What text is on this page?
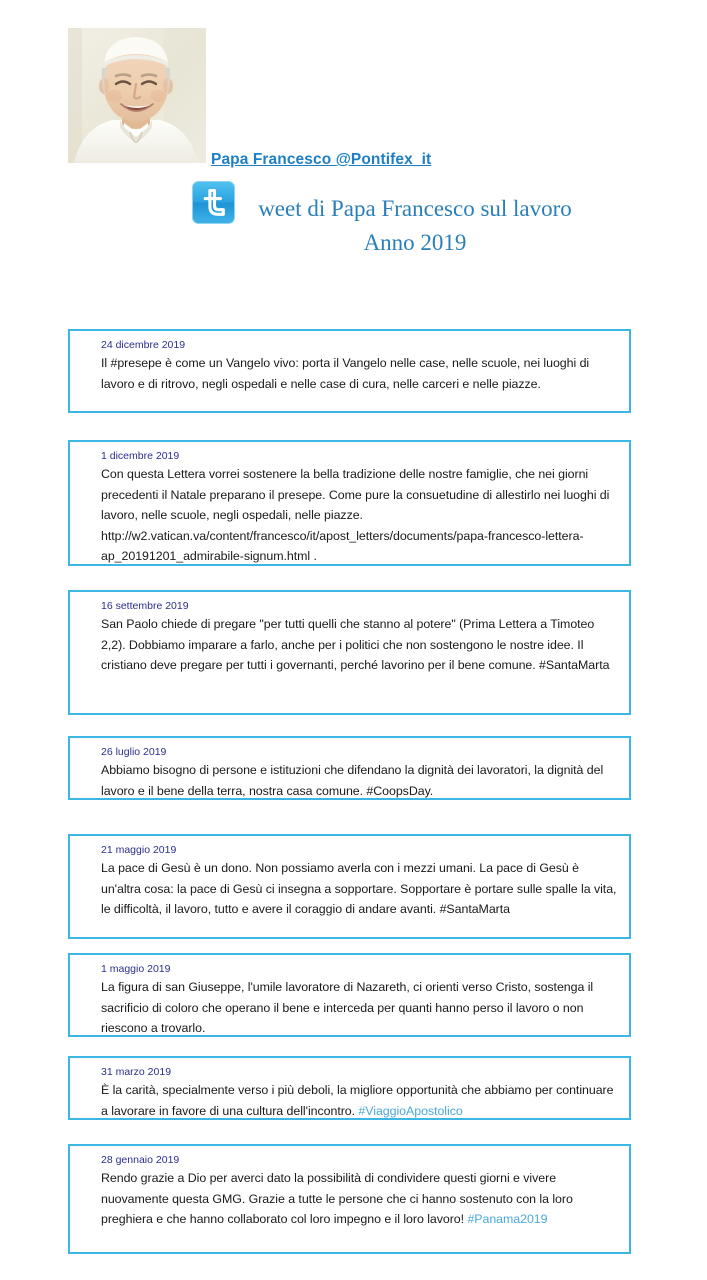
Papa Francesco @Pontifex_it
weet di Papa Francesco sul lavoro
Anno 2019
24 dicembre 2019
Il #presepe è come un Vangelo vivo: porta il Vangelo nelle case, nelle scuole, nei luoghi di lavoro e di ritrovo, negli ospedali e nelle case di cura, nelle carceri e nelle piazze.
1 dicembre 2019
Con questa Lettera vorrei sostenere la bella tradizione delle nostre famiglie, che nei giorni precedenti il Natale preparano il presepe. Come pure la consuetudine di allestirlo nei luoghi di lavoro, nelle scuole, negli ospedali, nelle piazze. http://w2.vatican.va/content/francesco/it/apost_letters/documents/papa-francesco-lettera-ap_20191201_admirabile-signum.html .
16 settembre 2019
San Paolo chiede di pregare "per tutti quelli che stanno al potere" (Prima Lettera a Timoteo 2,2). Dobbiamo imparare a farlo, anche per i politici che non sostengono le nostre idee. Il cristiano deve pregare per tutti i governanti, perché lavorino per il bene comune. #SantaMarta
26 luglio 2019
Abbiamo bisogno di persone e istituzioni che difendano la dignità dei lavoratori, la dignità del lavoro e il bene della terra, nostra casa comune. #CoopsDay.
21 maggio 2019
La pace di Gesù è un dono. Non possiamo averla con i mezzi umani. La pace di Gesù è un'altra cosa: la pace di Gesù ci insegna a sopportare. Sopportare è portare sulle spalle la vita, le difficoltà, il lavoro, tutto e avere il coraggio di andare avanti. #SantaMarta
1 maggio 2019
La figura di san Giuseppe, l'umile lavoratore di Nazareth, ci orienti verso Cristo, sostenga il sacrificio di coloro che operano il bene e interceda per quanti hanno perso il lavoro o non riescono a trovarlo.
31 marzo 2019
È la carità, specialmente verso i più deboli, la migliore opportunità che abbiamo per continuare a lavorare in favore di una cultura dell'incontro. #ViaggioApostolico
28 gennaio 2019
Rendo grazie a Dio per averci dato la possibilità di condividere questi giorni e vivere nuovamente questa GMG. Grazie a tutte le persone che ci hanno sostenuto con la loro preghiera e che hanno collaborato col loro impegno e il loro lavoro! #Panama2019
